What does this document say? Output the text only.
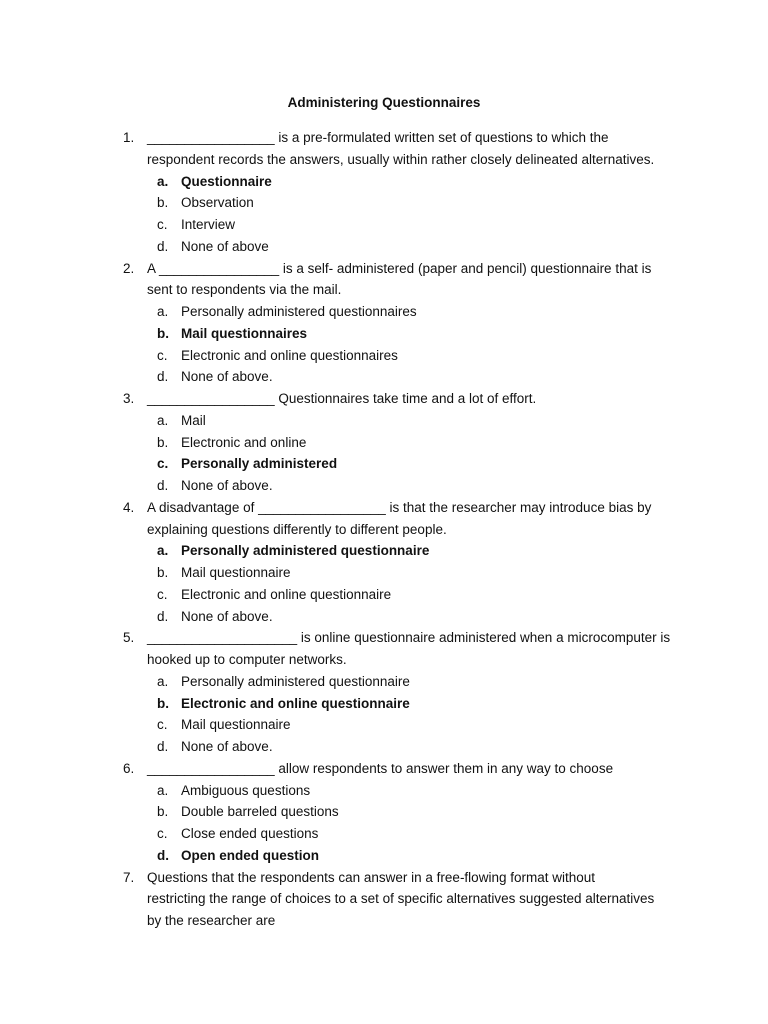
Administering Questionnaires
1. _________________ is a pre-formulated written set of questions to which the
respondent records the answers, usually within rather closely delineated alternatives.
a. Questionnaire
b. Observation
c. Interview
d. None of above
2. A ________________ is a self- administered (paper and pencil) questionnaire that is
sent to respondents via the mail.
a. Personally administered questionnaires
b. Mail questionnaires
c. Electronic and online questionnaires
d. None of above.
3. _________________ Questionnaires take time and a lot of effort.
a. Mail
b. Electronic and online
c. Personally administered
d. None of above.
4. A disadvantage of _________________ is that the researcher may introduce bias by
explaining questions differently to different people.
a. Personally administered questionnaire
b. Mail questionnaire
c. Electronic and online questionnaire
d. None of above.
5. ____________________ is online questionnaire administered when a microcomputer is
hooked up to computer networks.
a. Personally administered questionnaire
b. Electronic and online questionnaire
c. Mail questionnaire
d. None of above.
6. _________________ allow respondents to answer them in any way to choose
a. Ambiguous questions
b. Double barreled questions
c. Close ended questions
d. Open ended question
7. Questions that the respondents can answer in a free-flowing format without
restricting the range of choices to a set of specific alternatives suggested alternatives
by the researcher are
